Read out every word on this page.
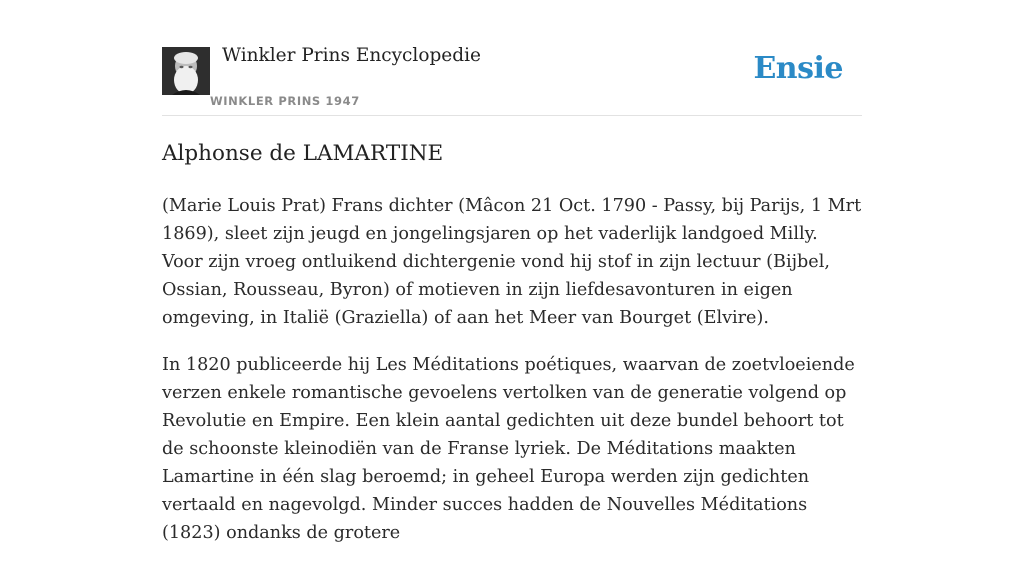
Winkler Prins Encyclopedie
WINKLER PRINS 1947
Ensie
Alphonse de LAMARTINE

(Marie Louis Prat) Frans dichter (Mâcon 21 Oct. 1790 - Passy, bij Parijs, 1 Mrt 1869), sleet zijn jeugd en jongelingsjaren op het vaderlijk landgoed Milly. Voor zijn vroeg ontluikend dichtergenie vond hij stof in zijn lectuur (Bijbel, Ossian, Rousseau, Byron) of motieven in zijn liefdesavonturen in eigen omgeving, in Italië (Graziella) of aan het Meer van Bourget (Elvire).

In 1820 publiceerde hij Les Méditations poétiques, waarvan de zoetvloeiende verzen enkele romantische gevoelens vertolken van de generatie volgend op Revolutie en Empire. Een klein aantal gedichten uit deze bundel behoort tot de schoonste kleinodiën van de Franse lyriek. De Méditations maakten Lamartine in één slag beroemd; in geheel Europa werden zijn gedichten vertaald en nagevolgd. Minder succes hadden de Nouvelles Méditations (1823) ondanks de grotere
